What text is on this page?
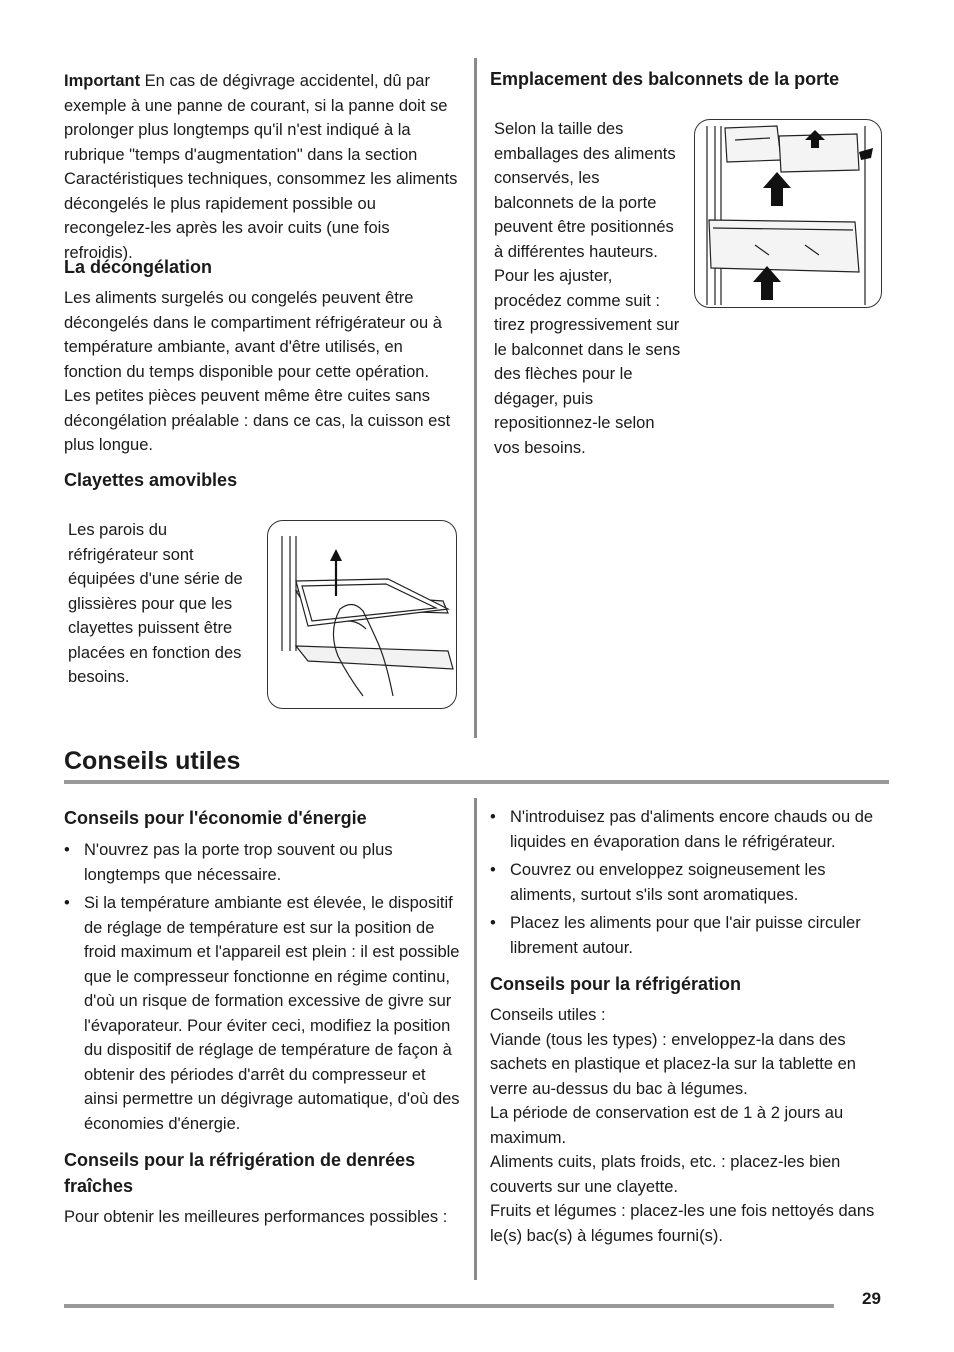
Important En cas de dégivrage accidentel, dû par exemple à une panne de courant, si la panne doit se prolonger plus longtemps qu'il n'est indiqué à la rubrique "temps d'augmentation" dans la section Caractéristiques techniques, consommez les aliments décongelés le plus rapidement possible ou recongelez-les après les avoir cuits (une fois refroidis).

La décongélation

Les aliments surgelés ou congelés peuvent être décongelés dans le compartiment réfrigérateur ou à température ambiante, avant d'être utilisés, en fonction du temps disponible pour cette opération.

Les petites pièces peuvent même être cuites sans décongélation préalable : dans ce cas, la cuisson est plus longue.

Clayettes amovibles

Les parois du réfrigérateur sont équipées d'une série de glissières pour que les clayettes puissent être placées en fonction des besoins.

Emplacement des balconnets de la porte

Selon la taille des emballages des aliments conservés, les balconnets de la porte peuvent être positionnés à différentes hauteurs.

Pour les ajuster, procédez comme suit :

tirez progressivement sur le balconnet dans le sens des flèches pour le dégager, puis repositionnez-le selon vos besoins.

Conseils utiles
Conseils pour l'économie d'énergie
• N'ouvrez pas la porte trop souvent ou plus longtemps que nécessaire.
• Si la température ambiante est élevée, le dispositif de réglage de température est sur la position de froid maximum et l'appareil est plein : il est possible que le compresseur fonctionne en régime continu, d'où un risque de formation excessive de givre sur l'évaporateur. Pour éviter ceci, modifiez la position du dispositif de réglage de température de façon à obtenir des périodes d'arrêt du compresseur et ainsi permettre un dégivrage automatique, d'où des économies d'énergie.
Conseils pour la réfrigération de denrées fraîches

Pour obtenir les meilleures performances possibles :

• N'introduisez pas d'aliments encore chauds ou de liquides en évaporation dans le réfrigérateur.
• Couvrez ou enveloppez soigneusement les aliments, surtout s'ils sont aromatiques.
• Placez les aliments pour que l'air puisse circuler librement autour.
Conseils pour la réfrigération

Conseils utiles :

Viande (tous les types) : enveloppez-la dans des sachets en plastique et placez-la sur la tablette en verre au-dessus du bac à légumes.

La période de conservation est de 1 à 2 jours au maximum.

Aliments cuits, plats froids, etc. : placez-les bien couverts sur une clayette.

Fruits et légumes : placez-les une fois nettoyés dans le(s) bac(s) à légumes fourni(s).

29
